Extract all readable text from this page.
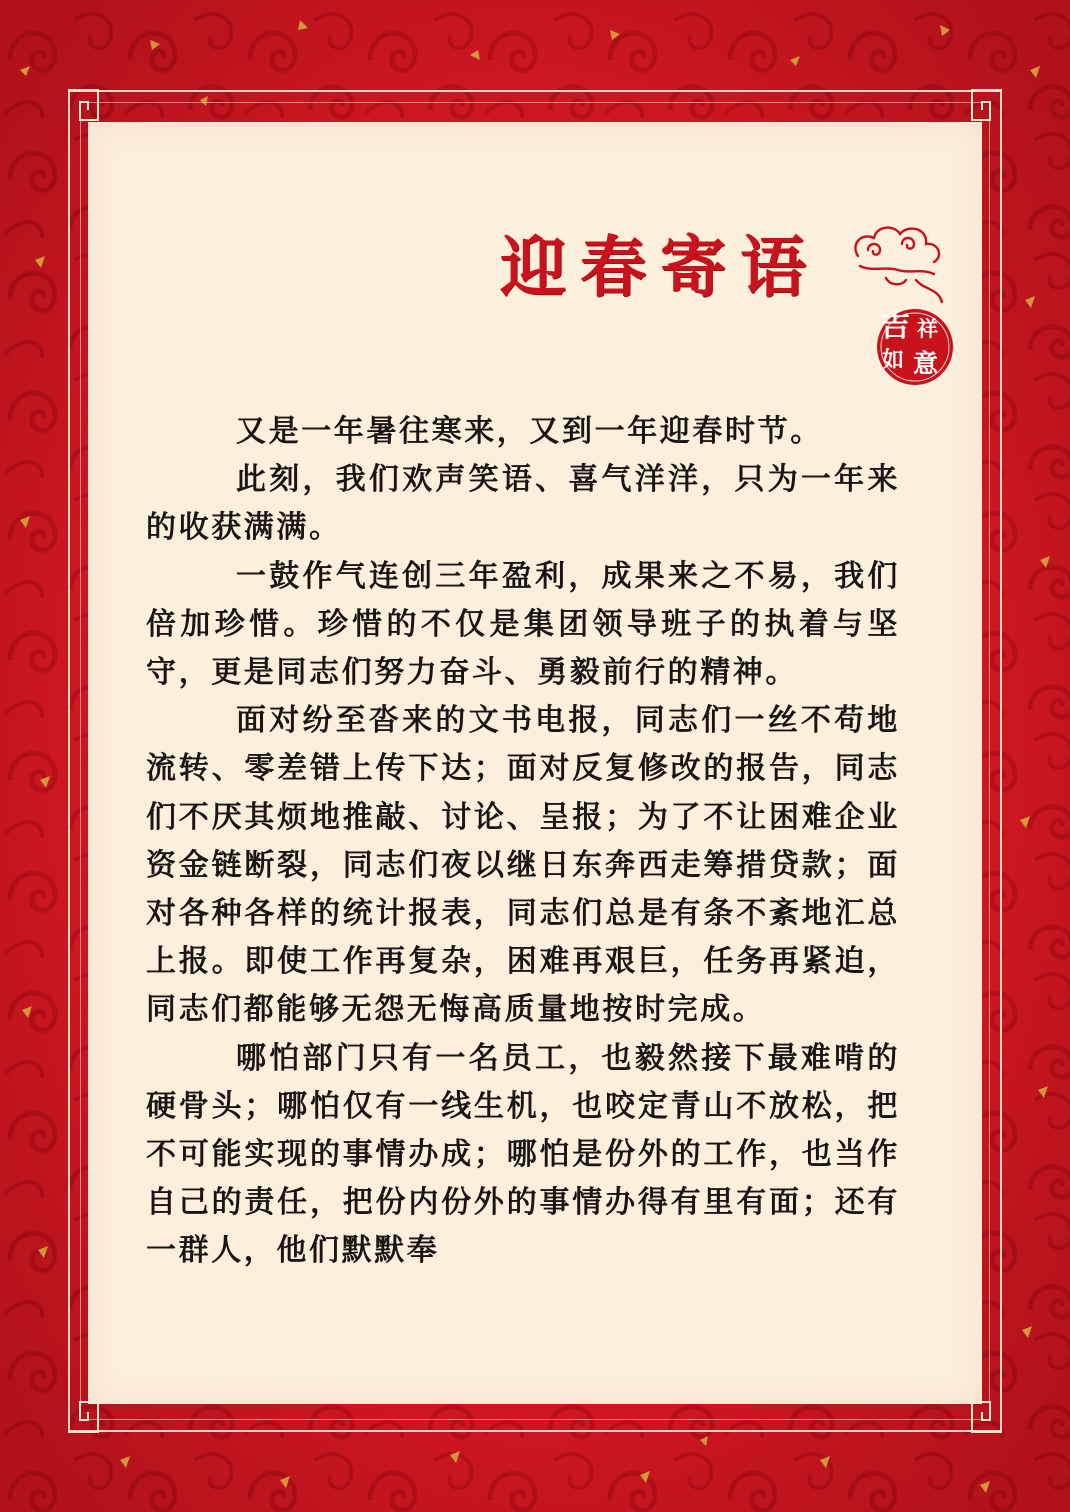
迎春寄语
吉 祥
如 意

又是一年暑往寒来，又到一年迎春时节。

此刻，我们欢声笑语、喜气洋洋，只为一年来的收获满满。

一鼓作气连创三年盈利，成果来之不易，我们倍加珍惜。珍惜的不仅是集团领导班子的执着与坚守，更是同志们努力奋斗、勇毅前行的精神。

面对纷至沓来的文书电报，同志们一丝不苟地流转、零差错上传下达；面对反复修改的报告，同志们不厌其烦地推敲、讨论、呈报；为了不让困难企业资金链断裂，同志们夜以继日东奔西走筹措贷款；面对各种各样的统计报表，同志们总是有条不紊地汇总上报。即使工作再复杂，困难再艰巨，任务再紧迫，同志们都能够无怨无悔高质量地按时完成。

哪怕部门只有一名员工，也毅然接下最难啃的硬骨头；哪怕仅有一线生机，也咬定青山不放松，把不可能实现的事情办成；哪怕是份外的工作，也当作自己的责任，把份内份外的事情办得有里有面；还有一群人，他们默默奉
